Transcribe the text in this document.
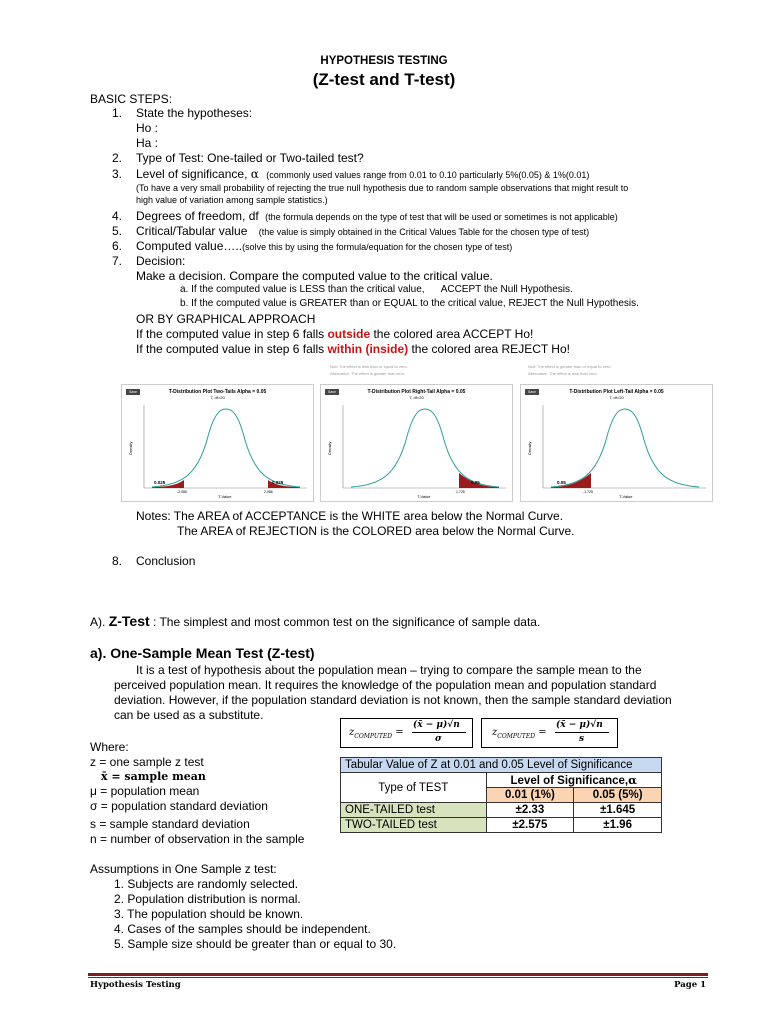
HYPOTHESIS TESTING
(Z-test and T-test)
BASIC STEPS:
1.	State the hypotheses:
Ho :
Ha :
2.	Type of Test: One-tailed or Two-tailed test?
3.	Level of significance, α (commonly used values range from 0.01 to 0.10 particularly 5%(0.05) & 1%(0.01)
(To have a very small probability of rejecting the true null hypothesis due to random sample observations that might result to
high value of variation among sample statistics.)
4.	Degrees of freedom, df (the formula depends on the type of test that will be used or sometimes is not applicable)
5.	Critical/Tabular value (the value is simply obtained in the Critical Values Table for the chosen type of test)
6.	Computed value…..(solve this by using the formula/equation for the chosen type of test)
7.	Decision:
Make a decision. Compare the computed value to the critical value.
a. If the computed value is LESS than the critical value,      ACCEPT the Null Hypothesis.
b. If the computed value is GREATER than or EQUAL to the critical value, REJECT the Null Hypothesis.
OR BY GRAPHICAL APPROACH
If the computed value in step 6 falls outside the colored area ACCEPT Ho!
If the computed value in step 6 falls within (inside) the colored area REJECT Ho!
Null: The effect is less than or equal to zero.
Alternative: The effect is greater than zero.
Null: The effect is greater than or equal to zero.
Alternative: The effect is less than zero.
Save	T-Distribution Plot Two-Tails Alpha = 0.05
T, df=20
0.025	0.025
-2.086	2.086
T-Value
Density
Save	T-Distribution Plot Right-Tail Alpha = 0.05
T, df=20
0.05
1.725
T-Value
Density
Save	T-Distribution Plot Left-Tail Alpha = 0.05
T, df=20
0.05
-1.725
T-Value
Density
Notes: The AREA of ACCEPTANCE is the WHITE area below the Normal Curve.
The AREA of REJECTION is the COLORED area below the Normal Curve.
8.	Conclusion
A). Z-Test : The simplest and most common test on the significance of sample data.
a). One-Sample Mean Test (Z-test)
It is a test of hypothesis about the population mean – trying to compare the sample mean to the
perceived population mean. It requires the knowledge of the population mean and population standard
deviation. However, if the population standard deviation is not known, then the sample standard deviation
can be used as a substitute.
$z_{COMPUTED}$ =
(x̄ − μ)√n
σ
$z_{COMPUTED}$ =
(x̄ − μ)√n
s
Where:
z = one sample z test
x̄ = sample mean
μ = population mean
σ = population standard deviation
s = sample standard deviation
n = number of observation in the sample
Tabular Value of Z at 0.01 and 0.05 Level of Significance		
Type of TEST	Level of Significance,α	
	0.01 (1%)	0.05 (5%)
ONE-TAILED test	±2.33	±1.645
TWO-TAILED test	±2.575	±1.96
Assumptions in One Sample z test:
1. Subjects are randomly selected.
2. Population distribution is normal.
3. The population should be known.
4. Cases of the samples should be independent.
5. Sample size should be greater than or equal to 30.
Hypothesis Testing	Page 1
